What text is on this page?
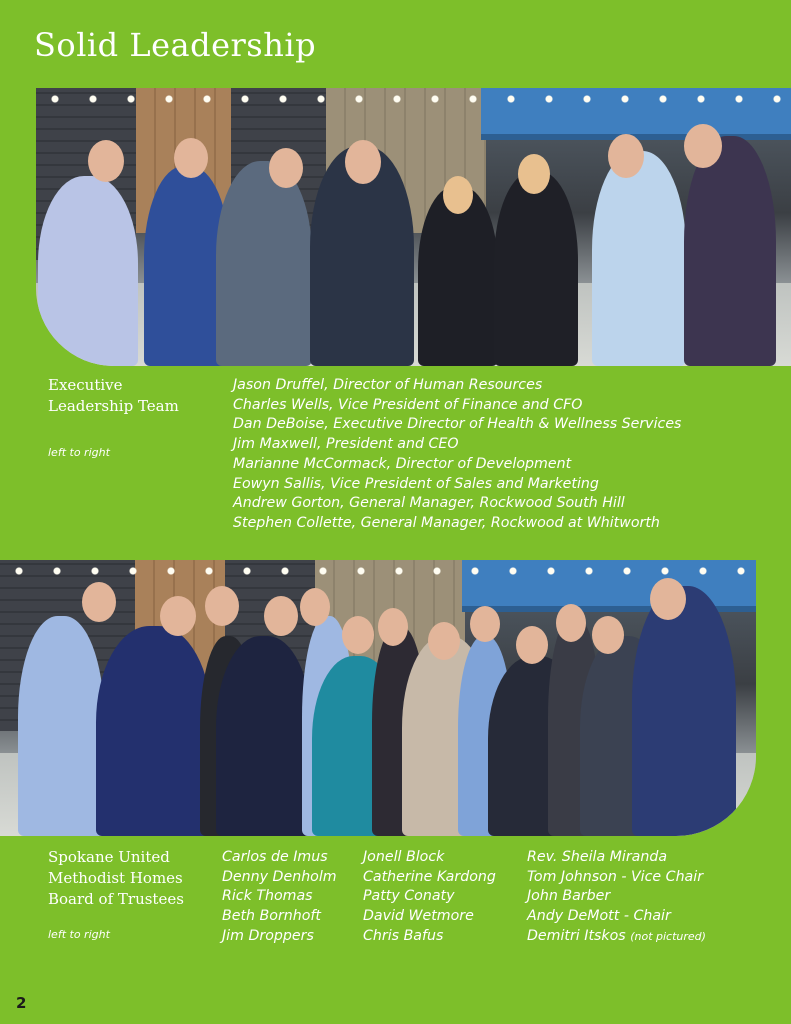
Solid Leadership
Executive
Leadership Team
left to right
Jason Druffel, Director of Human Resources
Charles Wells, Vice President of Finance and CFO
Dan DeBoise, Executive Director of Health & Wellness Services
Jim Maxwell, President and CEO
Marianne McCormack, Director of Development
Eowyn Sallis, Vice President of Sales and Marketing
Andrew Gorton, General Manager, Rockwood South Hill
Stephen Collette, General Manager, Rockwood at Whitworth
Spokane United
Methodist Homes
Board of Trustees
left to right
Carlos de Imus
Denny Denholm
Rick Thomas
Beth Bornhoft
Jim Droppers
Jonell Block
Catherine Kardong
Patty Conaty
David Wetmore
Chris Bafus
Rev. Sheila Miranda
Tom Johnson - Vice Chair
John Barber
Andy DeMott - Chair
Demitri Itskos (not pictured)
2
